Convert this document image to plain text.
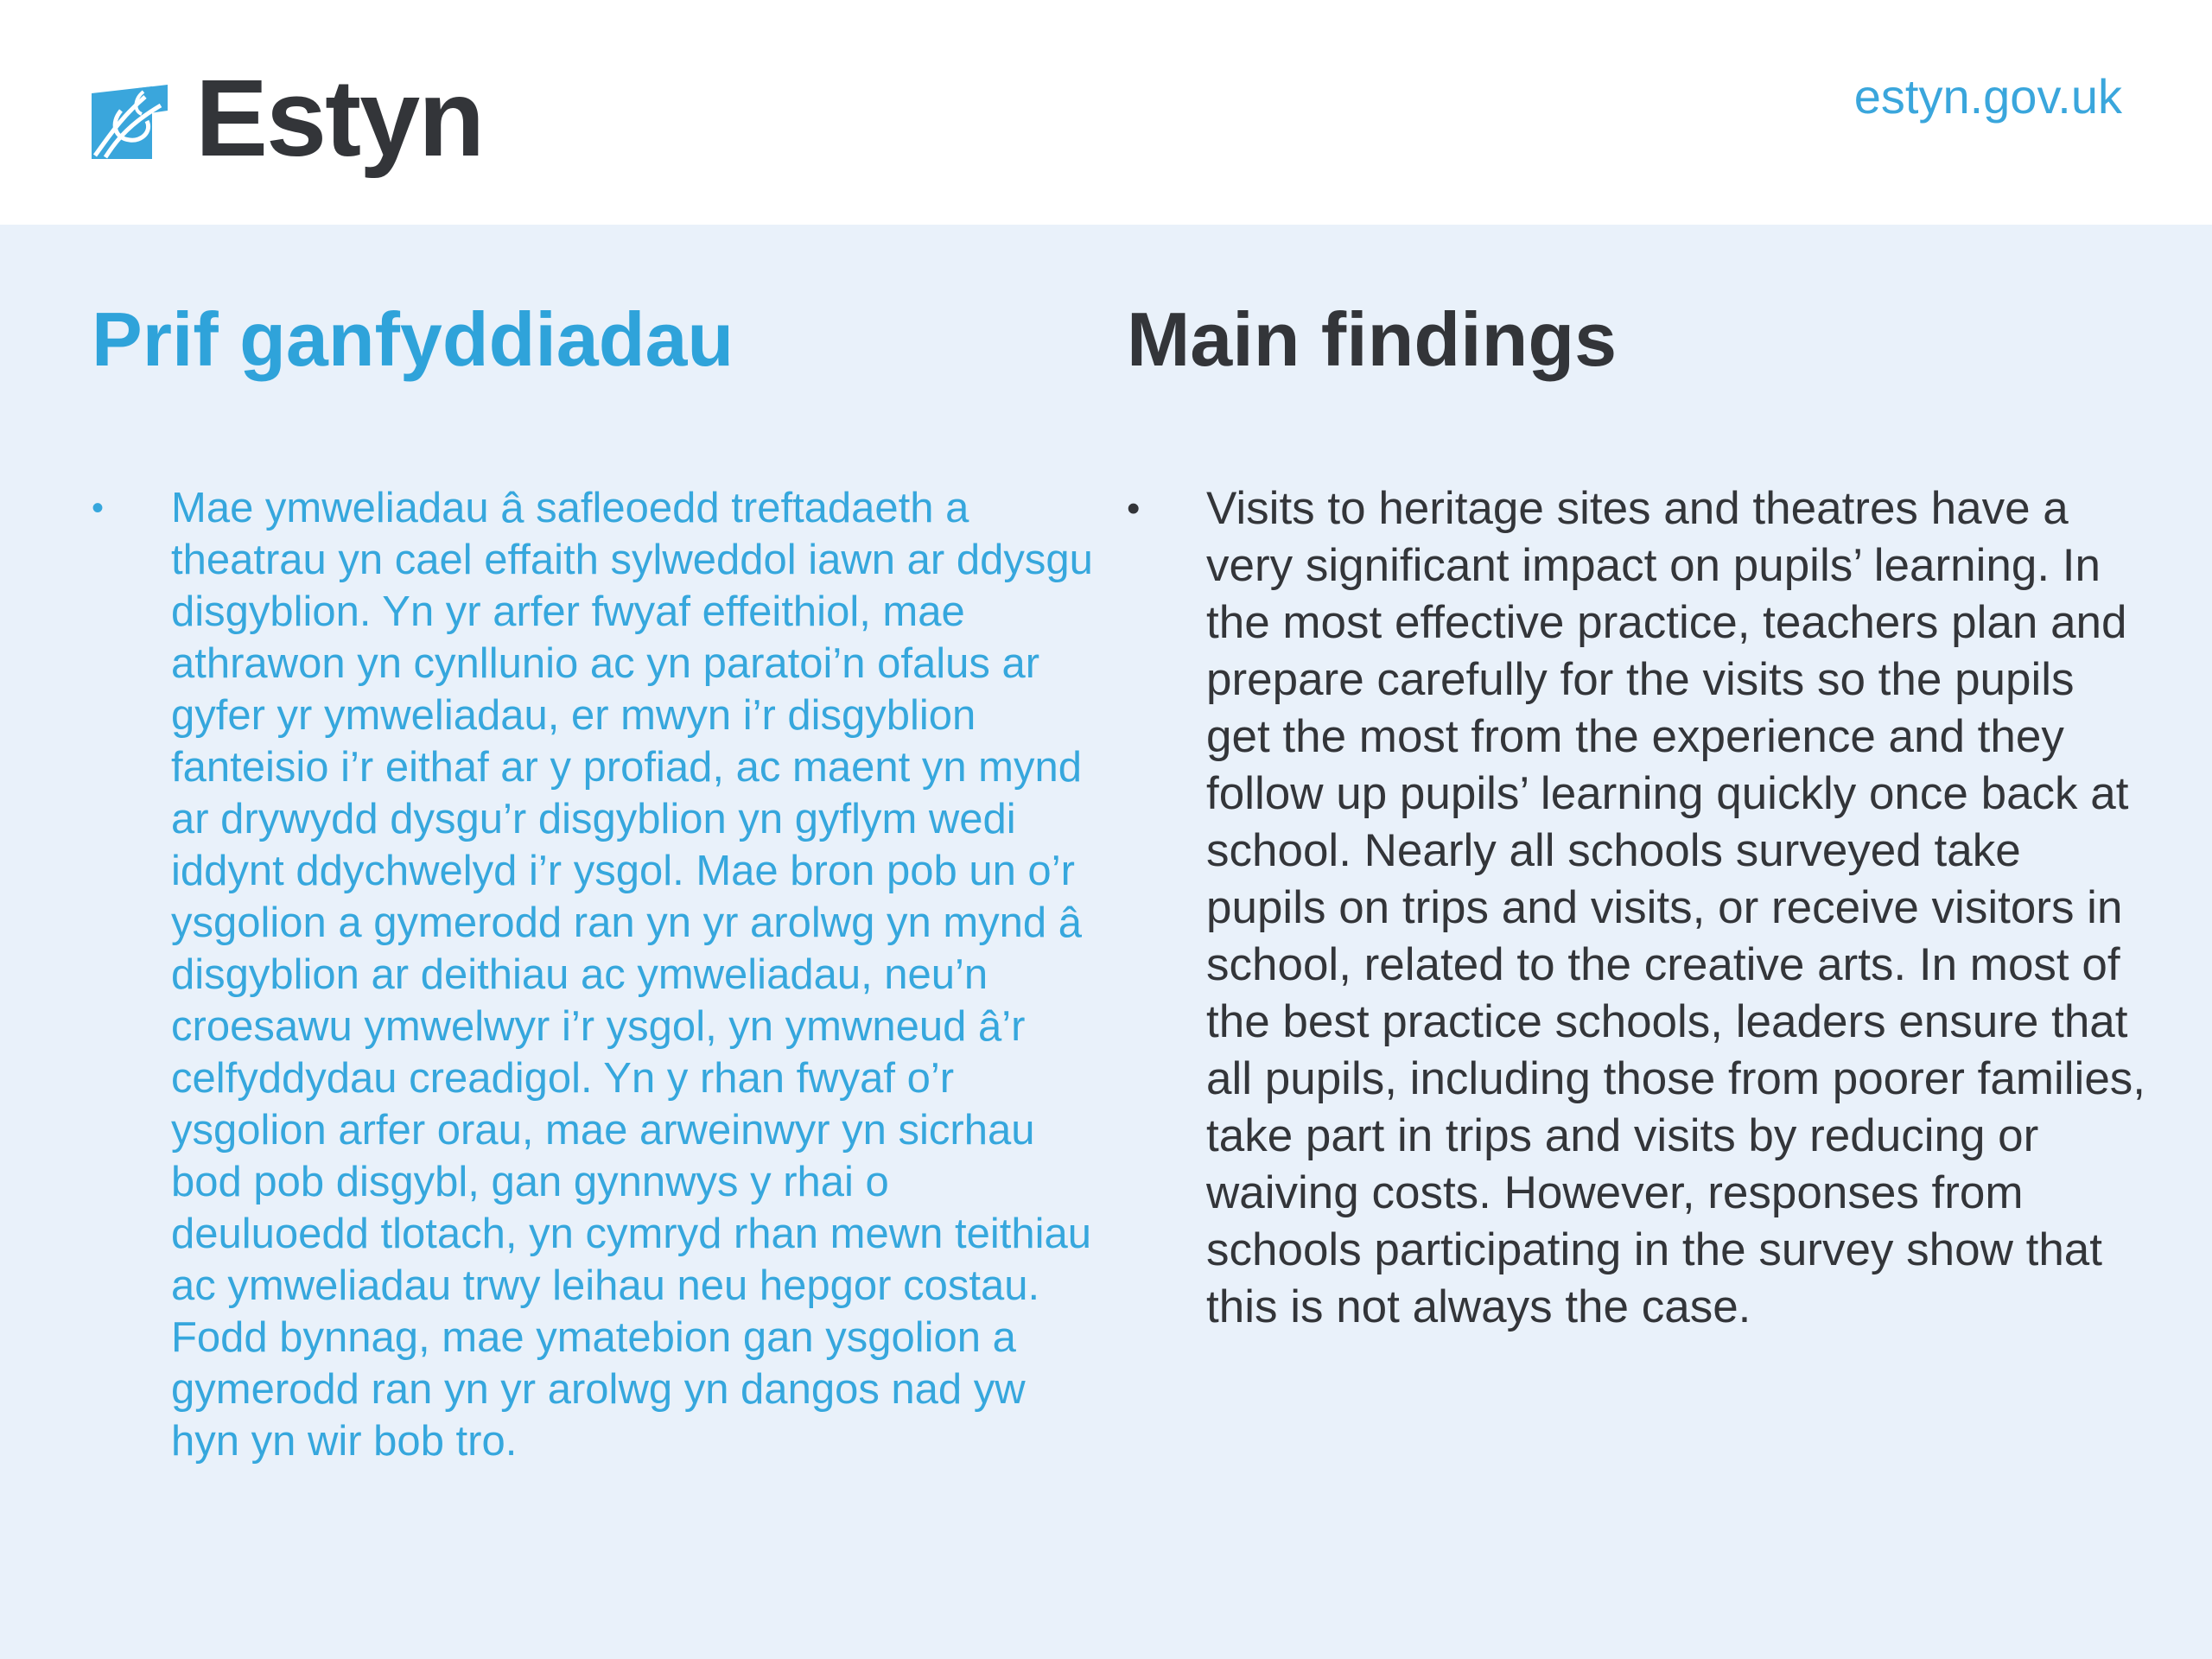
Estyn	estyn.gov.uk
Prif ganfyddiadau
• Mae ymweliadau â safleoedd treftadaeth a theatrau yn cael effaith sylweddol iawn ar ddysgu disgyblion. Yn yr arfer fwyaf effeithiol, mae athrawon yn cynllunio ac yn paratoi’n ofalus ar gyfer yr ymweliadau, er mwyn i’r disgyblion fanteisio i’r eithaf ar y profiad, ac maent yn mynd ar drywydd dysgu’r disgyblion yn gyflym wedi iddynt ddychwelyd i’r ysgol. Mae bron pob un o’r ysgolion a gymerodd ran yn yr arolwg yn mynd â disgyblion ar deithiau ac ymweliadau, neu’n croesawu ymwelwyr i’r ysgol, yn ymwneud â’r celfyddydau creadigol. Yn y rhan fwyaf o’r ysgolion arfer orau, mae arweinwyr yn sicrhau bod pob disgybl, gan gynnwys y rhai o deuluoedd tlotach, yn cymryd rhan mewn teithiau ac ymweliadau trwy leihau neu hepgor costau. Fodd bynnag, mae ymatebion gan ysgolion a gymerodd ran yn yr arolwg yn dangos nad yw hyn yn wir bob tro.

Main findings
• Visits to heritage sites and theatres have a very significant impact on pupils’ learning. In the most effective practice, teachers plan and prepare carefully for the visits so the pupils get the most from the experience and they follow up pupils’ learning quickly once back at school. Nearly all schools surveyed take pupils on trips and visits, or receive visitors in school, related to the creative arts. In most of the best practice schools, leaders ensure that all pupils, including those from poorer families, take part in trips and visits by reducing or waiving costs. However, responses from schools participating in the survey show that this is not always the case.
